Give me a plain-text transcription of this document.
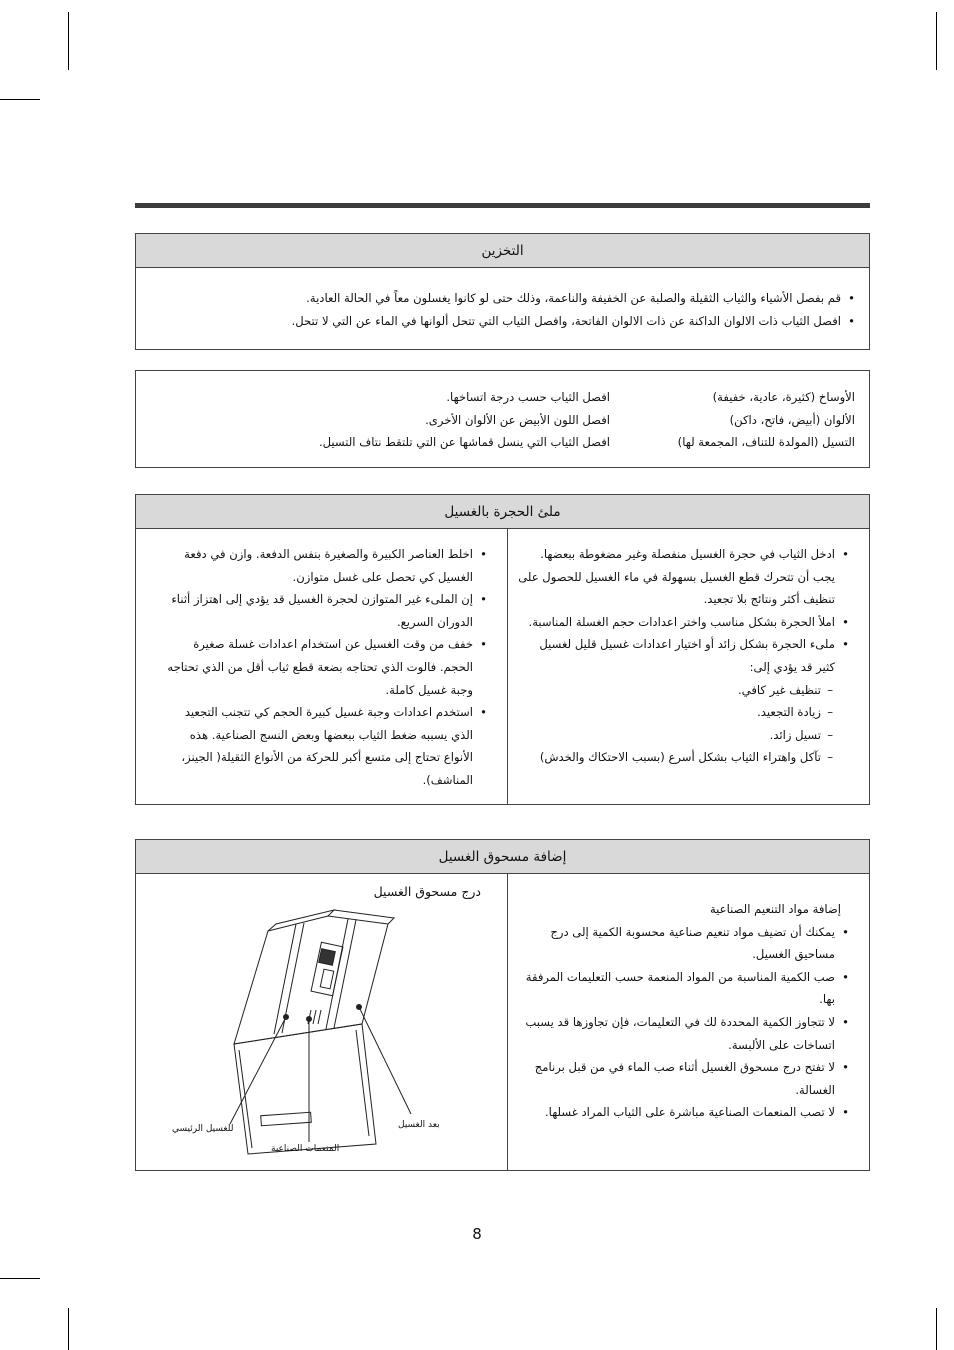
التخزين
• قم بفصل الأشياء والثياب الثقيلة والصلبة عن الخفيفة والناعمة، وذلك حتى لو كانوا يغسلون معاً في الحالة العادية.
• افصل الثياب ذات الالوان الداكنة عن ذات الالوان الفاتحة، وافصل الثياب التي تتحل ألوانها في الماء عن التي لا تتحل.
الأوساخ (كثيرة، عادية، خفيفة)
افصل الثياب حسب درجة اتساخها.
الألوان (أبيض، فاتح، داكن)
افصل اللون الأبيض عن الألوان الأخرى.
التسيل (المولدة للتناف، المجمعة لها)
افصل الثياب التي ينسل قماشها عن التي تلتقط نتاف التسيل.
ملئ الحجرة بالغسيل
• ادخل الثياب في حجرة الغسيل منفصلة وغير مضغوطة ببعضها. يجب أن تتحرك قطع الغسيل بسهولة في ماء الغسيل للحصول على تنظيف أكثر ونتائج بلا تجعيد.
• املأ الحجرة بشكل مناسب واختر اعدادات حجم الغسلة المناسبة.
• ملىء الحجرة بشكل زائد أو اختيار اعدادات غسيل قليل لغسيل كثير قد يؤدي إلى:
– تنظيف غير كافي.
– زيادة التجعيد.
– تسيل زائد.
– تآكل واهتراء الثياب بشكل أسرع (بسبب الاحتكاك والخدش)
• اخلط العناصر الكبيرة والصغيرة بنفس الدفعة. وازن في دفعة الغسيل كي تحصل على غسل متوازن.
• إن الملىء غير المتوازن لحجرة الغسيل قد يؤدي إلى اهتزاز أثناء الدوران السريع.
• خفف من وقت الغسيل عن استخدام اعدادات غسلة صغيرة الحجم. فالوت الذي تحتاجه بضعة قطع ثياب أقل من الذي تحتاجه وجبة غسيل كاملة.
• استخدم اعدادات وجبة غسيل كبيرة الحجم كي تتجنب التجعيد الذي يسببه ضغط الثياب ببعضها وبعض النسج الصناعية. هذه الأنواع تحتاج إلى متسع أكبر للحركة من الأنواع الثقيلة( الجينز، المناشف).
إضافة مسحوق الغسيل
إضافة مواد التنعيم الصناعية
• يمكنك أن تضيف مواد تنعيم صناعية محسوبة الكمية إلى درج مساحيق الغسيل.
• صب الكمية المناسبة من المواد المنعمة حسب التعليمات المرفقة بها.
• لا تتجاوز الكمية المحددة لك في التعليمات، فإن تجاوزها قد يسبب اتساخات على الألبسة.
• لا تفتح درج مسحوق الغسيل أثناء صب الماء في من قبل برنامج الغسالة.
• لا تصب المنعمات الصناعية مباشرة على الثياب المراد غسلها.
درج مسحوق الغسيل
بعد الغسيل
للغسيل الرئيسي
المنعمات الصناعية
8
